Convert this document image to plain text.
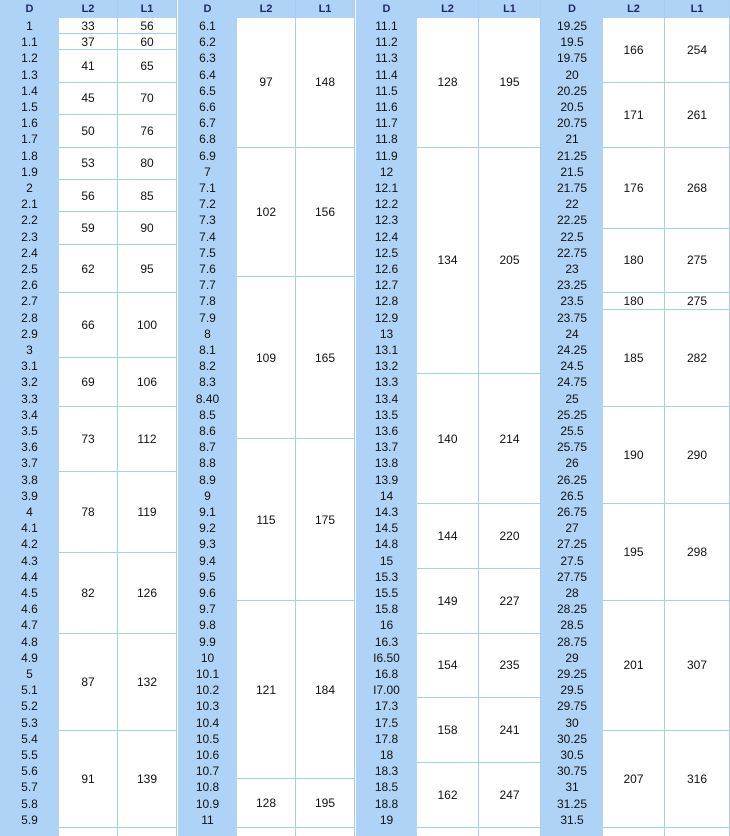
D
1
1.1
1.2
1.3
1.4
1.5
1.6
1.7
1.8
1.9
2
2.1
2.2
2.3
2.4
2.5
2.6
2.7
2.8
2.9
3
3.1
3.2
3.3
3.4
3.5
3.6
3.7
3.8
3.9
4
4.1
4.2
4.3
4.4
4.5
4.6
4.7
4.8
4.9
5
5.1
5.2
5.3
5.4
5.5
5.6
5.7
5.8
5.9
L2
33
37
41
45
50
53
56
59
62
66
69
73
78
82
87
91
L1
56
60
65
70
76
80
85
90
95
100
106
112
119
126
132
139
D
6.1
6.2
6.3
6.4
6.5
6.6
6.7
6.8
6.9
7
7.1
7.2
7.3
7.4
7.5
7.6
7.7
7.8
7.9
8
8.1
8.2
8.3
8.40
8.5
8.6
8.7
8.8
8.9
9
9.1
9.2
9.3
9.4
9.5
9.6
9.7
9.8
9.9
10
10.1
10.2
10.3
10.4
10.5
10.6
10.7
10.8
10.9
11
L2
97
102
109
115
121
128
L1
148
156
165
175
184
195
D
11.1
11.2
11.3
11.4
11.5
11.6
11.7
11.8
11.9
12
12.1
12.2
12.3
12.4
12.5
12.6
12.7
12.8
12.9
13
13.1
13.2
13.3
13.4
13.5
13.6
13.7
13.8
13.9
14
14.3
14.5
14.8
15
15.3
15.5
15.8
16
16.3
I6.50
16.8
I7.00
17.3
17.5
17.8
18
18.3
18.5
18.8
19
L2
128
134
140
144
149
154
158
162
L1
195
205
214
220
227
235
241
247
D
19.25
19.5
19.75
20
20.25
20.5
20.75
21
21.25
21.5
21.75
22
22.25
22.5
22.75
23
23.25
23.5
23.75
24
24.25
24.5
24.75
25
25.25
25.5
25.75
26
26.25
26.5
26.75
27
27.25
27.5
27.75
28
28.25
28.5
28.75
29
29.25
29.5
29.75
30
30.25
30.5
30.75
31
31.25
31.5
L2
166
171
176
180
180
185
190
195
201
207
L1
254
261
268
275
275
282
290
298
307
316
